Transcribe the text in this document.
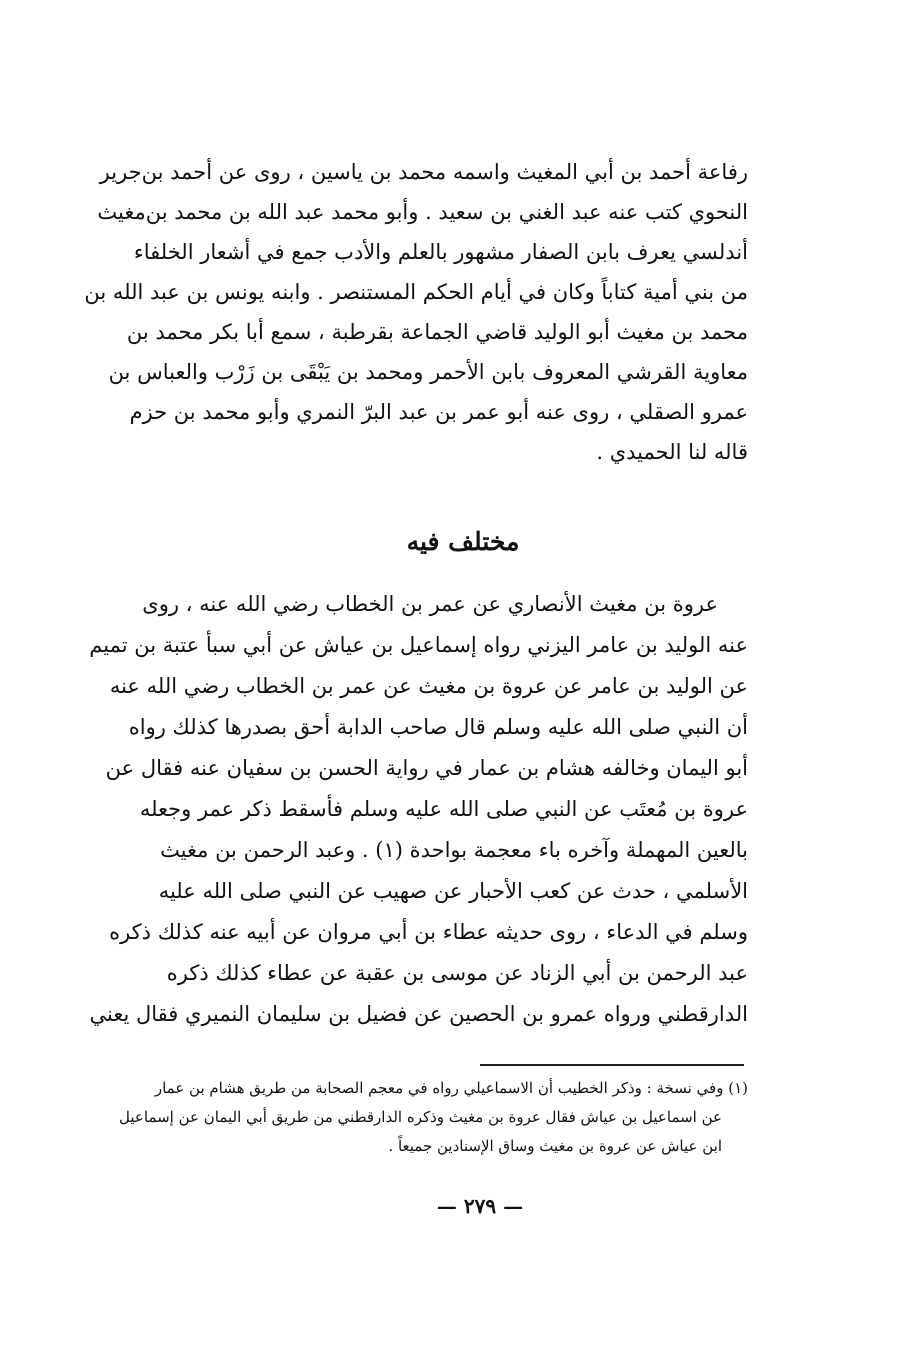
رفاعة أحمد بن أبي المغيث واسمه محمد بن ياسين ، روى عن أحمد بن‌جرير
النحوي كتب عنه عبد الغني بن سعيد . وأبو محمد عبد الله بن محمد بن‌مغيث
أندلسي يعرف بابن الصفار مشهور بالعلم والأدب جمع في أشعار الخلفاء
من بني أمية كتاباً وكان في أيام الحكم المستنصر . وابنه يونس بن عبد الله بن
محمد بن مغيث أبو الوليد قاضي الجماعة بقرطبة ، سمع أبا بكر محمد بن
معاوية القرشي المعروف بابن الأحمر ومحمد بن يَبْقَى بن زَرْب والعباس بن
عمرو الصقلي ، روى عنه أبو عمر بن عبد البرّ النمري وأبو محمد بن حزم
قاله لنا الحميدي .
مختلف فيه
عروة بن مغيث الأنصاري عن عمر بن الخطاب رضي الله عنه ، روى
عنه الوليد بن عامر اليزني رواه إسماعيل بن عياش عن أبي سبأ عتبة بن تميم
عن الوليد بن عامر عن عروة بن مغيث عن عمر بن الخطاب رضي الله عنه
أن النبي صلى الله عليه وسلم قال صاحب الدابة أحق بصدرها كذلك رواه
أبو اليمان وخالفه هشام بن عمار في رواية الحسن بن سفيان عنه فقال عن
عروة بن مُعتَب عن النبي صلى الله عليه وسلم فأسقط ذكر عمر وجعله
بالعين المهملة وآخره باء معجمة بواحدة (١) . وعبد الرحمن بن مغيث
الأسلمي ، حدث عن كعب الأحبار عن صهيب عن النبي صلى الله عليه
وسلم في الدعاء ، روى حديثه عطاء بن أبي مروان عن أبيه عنه كذلك ذكره
عبد الرحمن بن أبي الزناد عن موسى بن عقبة عن عطاء كذلك ذكره
الدارقطني ورواه عمرو بن الحصين عن فضيل بن سليمان النميري فقال يعني
(١) وفي نسخة : وذكر الخطيب أن الاسماعيلي رواه في معجم الصحابة من طريق هشام بن عمار
عن اسماعيل بن عياش فقال عروة بن مغيث وذكره الدارقطني من طريق أبي اليمان عن إسماعيل
ابن عياش عن عروة بن مغيث وساق الإسنادين جميعاً .
— ٢٧٩ —
